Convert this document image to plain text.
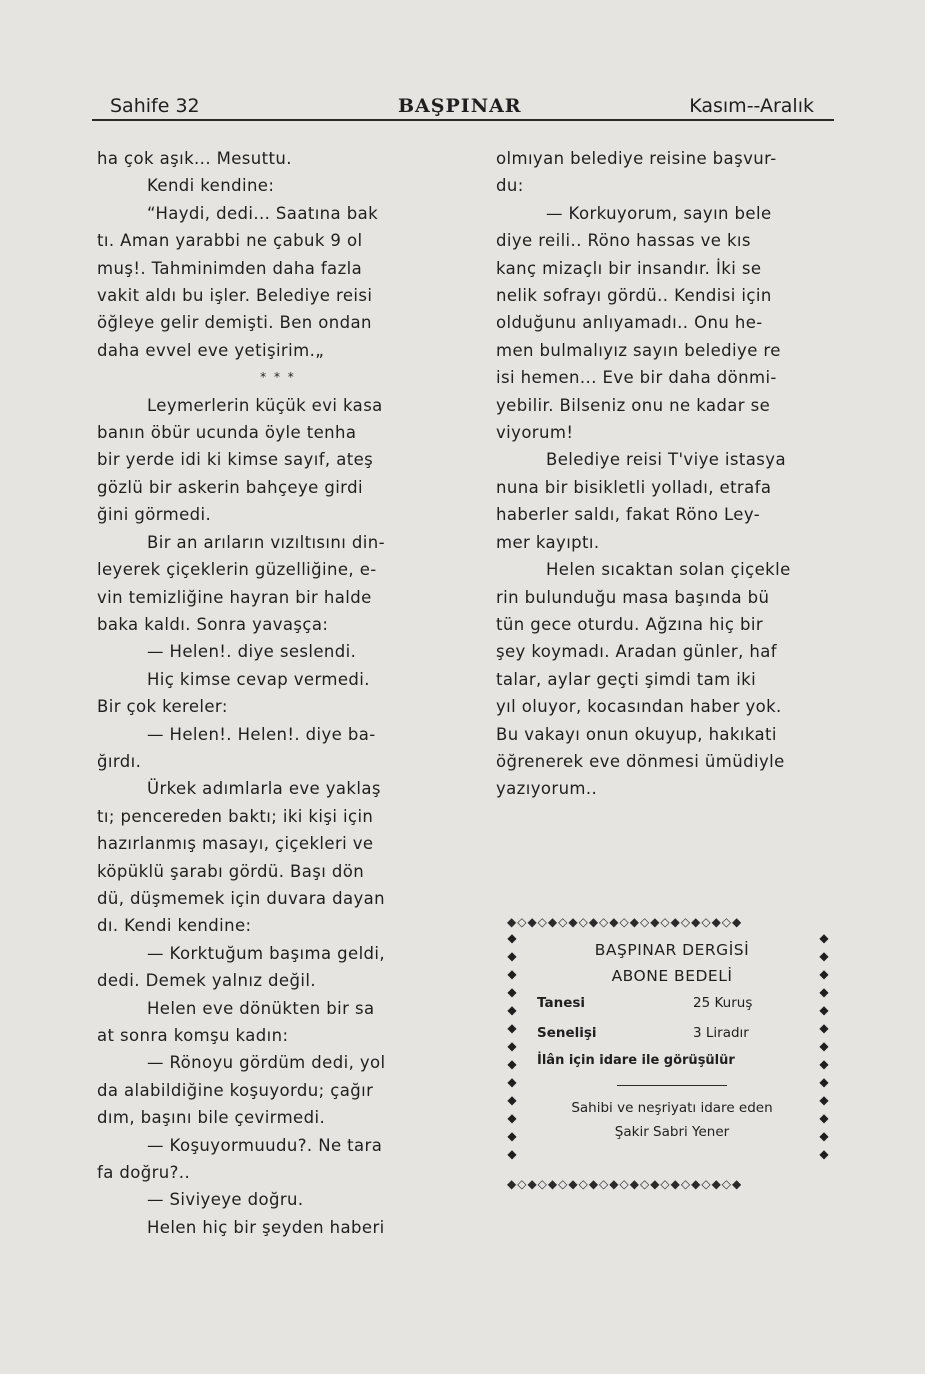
Sahife 32	BAŞPINAR	Kasım--Aralık
ha çok aşık... Mesuttu.
Kendi kendine:
“Haydi, dedi... Saatına bak
tı. Aman yarabbi ne çabuk 9 ol
muş!. Tahminimden daha fazla
vakit aldı bu işler. Belediye reisi
öğleye gelir demişti. Ben ondan
daha evvel eve yetişirim.„
* * *
Leymerlerin küçük evi kasa
banın öbür ucunda öyle tenha
bir yerde idi ki kimse sayıf, ateş
gözlü bir askerin bahçeye girdi
ğini görmedi.
Bir an arıların vızıltısını din-
leyerek çiçeklerin güzelliğine, e-
vin temizliğine hayran bir halde
baka kaldı. Sonra yavaşça:
— Helen!. diye seslendi.
Hiç kimse cevap vermedi.
Bir çok kereler:
— Helen!. Helen!. diye ba-
ğırdı.
Ürkek adımlarla eve yaklaş
tı; pencereden baktı; iki kişi için
hazırlanmış masayı, çiçekleri ve
köpüklü şarabı gördü. Başı dön
dü, düşmemek için duvara dayan
dı. Kendi kendine:
— Korktuğum başıma geldi,
dedi. Demek yalnız değil.
Helen eve dönükten bir sa
at sonra komşu kadın:
— Rönoyu gördüm dedi, yol
da alabildiğine koşuyordu; çağır
dım, başını bile çevirmedi.
— Koşuyormuudu?. Ne tara
fa doğru?..
— Siviyeye doğru.
Helen hiç bir şeyden haberi
olmıyan belediye reisine başvur-
du:
— Korkuyorum, sayın bele
diye reili.. Röno hassas ve kıs
kanç mizaçlı bir insandır. İki se
nelik sofrayı gördü.. Kendisi için
olduğunu anlıyamadı.. Onu he-
men bulmalıyız sayın belediye re
isi hemen... Eve bir daha dönmi-
yebilir. Bilseniz onu ne kadar se
viyorum!
Belediye reisi T'viye istasya
nuna bir bisikletli yolladı, etrafa
haberler saldı, fakat Röno Ley-
mer kayıptı.
Helen sıcaktan solan çiçekle
rin bulunduğu masa başında bü
tün gece oturdu. Ağzına hiç bir
şey koymadı. Aradan günler, haf
talar, aylar geçti şimdi tam iki
yıl oluyor, kocasından haber yok.
Bu vakayı onun okuyup, hakıkati
öğrenerek eve dönmesi ümüdiyle
yazıyorum..
◆◇◆◇◆◇◆◇◆◇◆◇◆◇◆◇◆◇◆◇◆◇◆
◆
◆
◆
◆
◆
◆
◆
◆
◆
◆
◆
◆
◆
◆
◆
◆
◆
◆
◆
◆
◆
◆
◆
◆
◆
◆
◆◇◆◇◆◇◆◇◆◇◆◇◆◇◆◇◆◇◆◇◆◇◆
BAŞPINAR DERGİSİ
ABONE BEDELİ
Tanesi	25 Kuruş
Senelişi	3 Liradır
İlân için idare ile görüşülür
Sahibi ve neşriyatı idare eden
Şakir Sabri Yener
